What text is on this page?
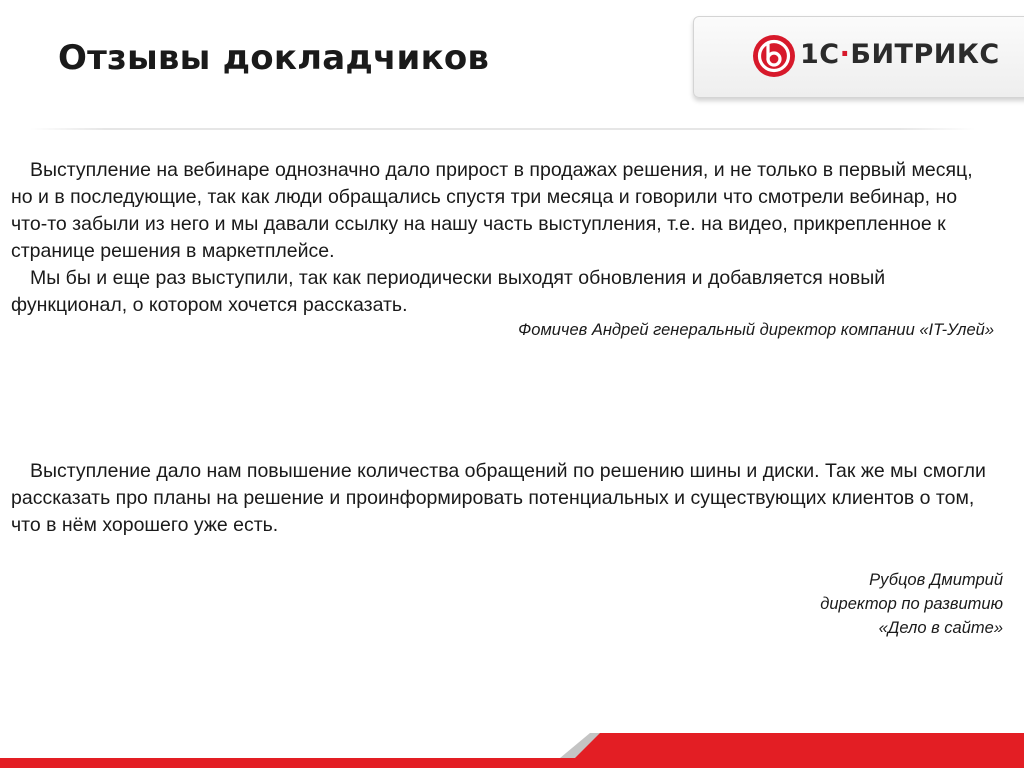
Отзывы докладчиков	1С·БИТРИКС

Выступление на вебинаре однозначно дало прирост в продажах решения, и не только в первый месяц, но и в последующие, так как люди обращались спустя три месяца и говорили что смотрели вебинар, но что-то забыли из него и мы давали ссылку на нашу часть выступления, т.е. на видео, прикрепленное к странице решения в маркетплейсе.

Мы бы и еще раз выступили, так как периодически выходят обновления и добавляется новый функционал, о котором хочется рассказать.

Фомичев Андрей генеральный директор компании «IT-Улей»

Выступление дало нам повышение количества обращений по решению шины и диски. Так же мы смогли рассказать про планы на решение и проинформировать потенциальных и существующих клиентов о том, что в нём хорошего уже есть.

Рубцов Дмитрий
директор по развитию
«Дело в сайте»
